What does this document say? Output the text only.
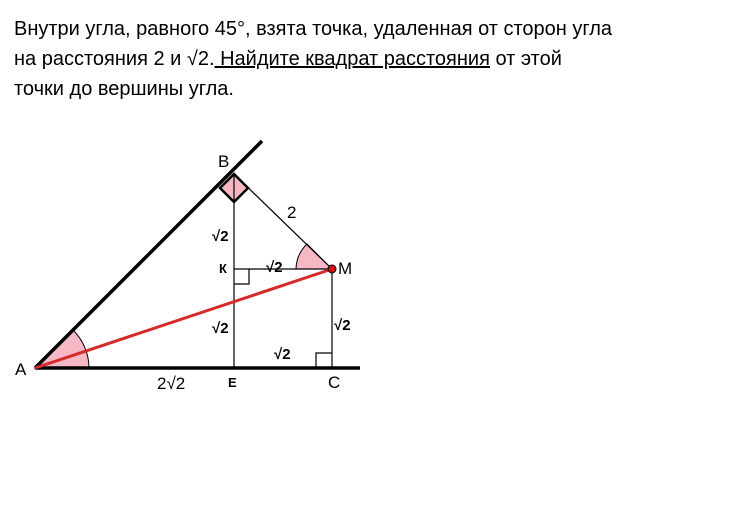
Внутри угла, равного 45°, взята точка, удаленная от сторон угла
на расстояния 2 и √2. Найдите квадрат расстояния от этой
точки до вершины угла.
A
B
M
C
E
К
2
√2
√2
√2	√2
√2
2√2
